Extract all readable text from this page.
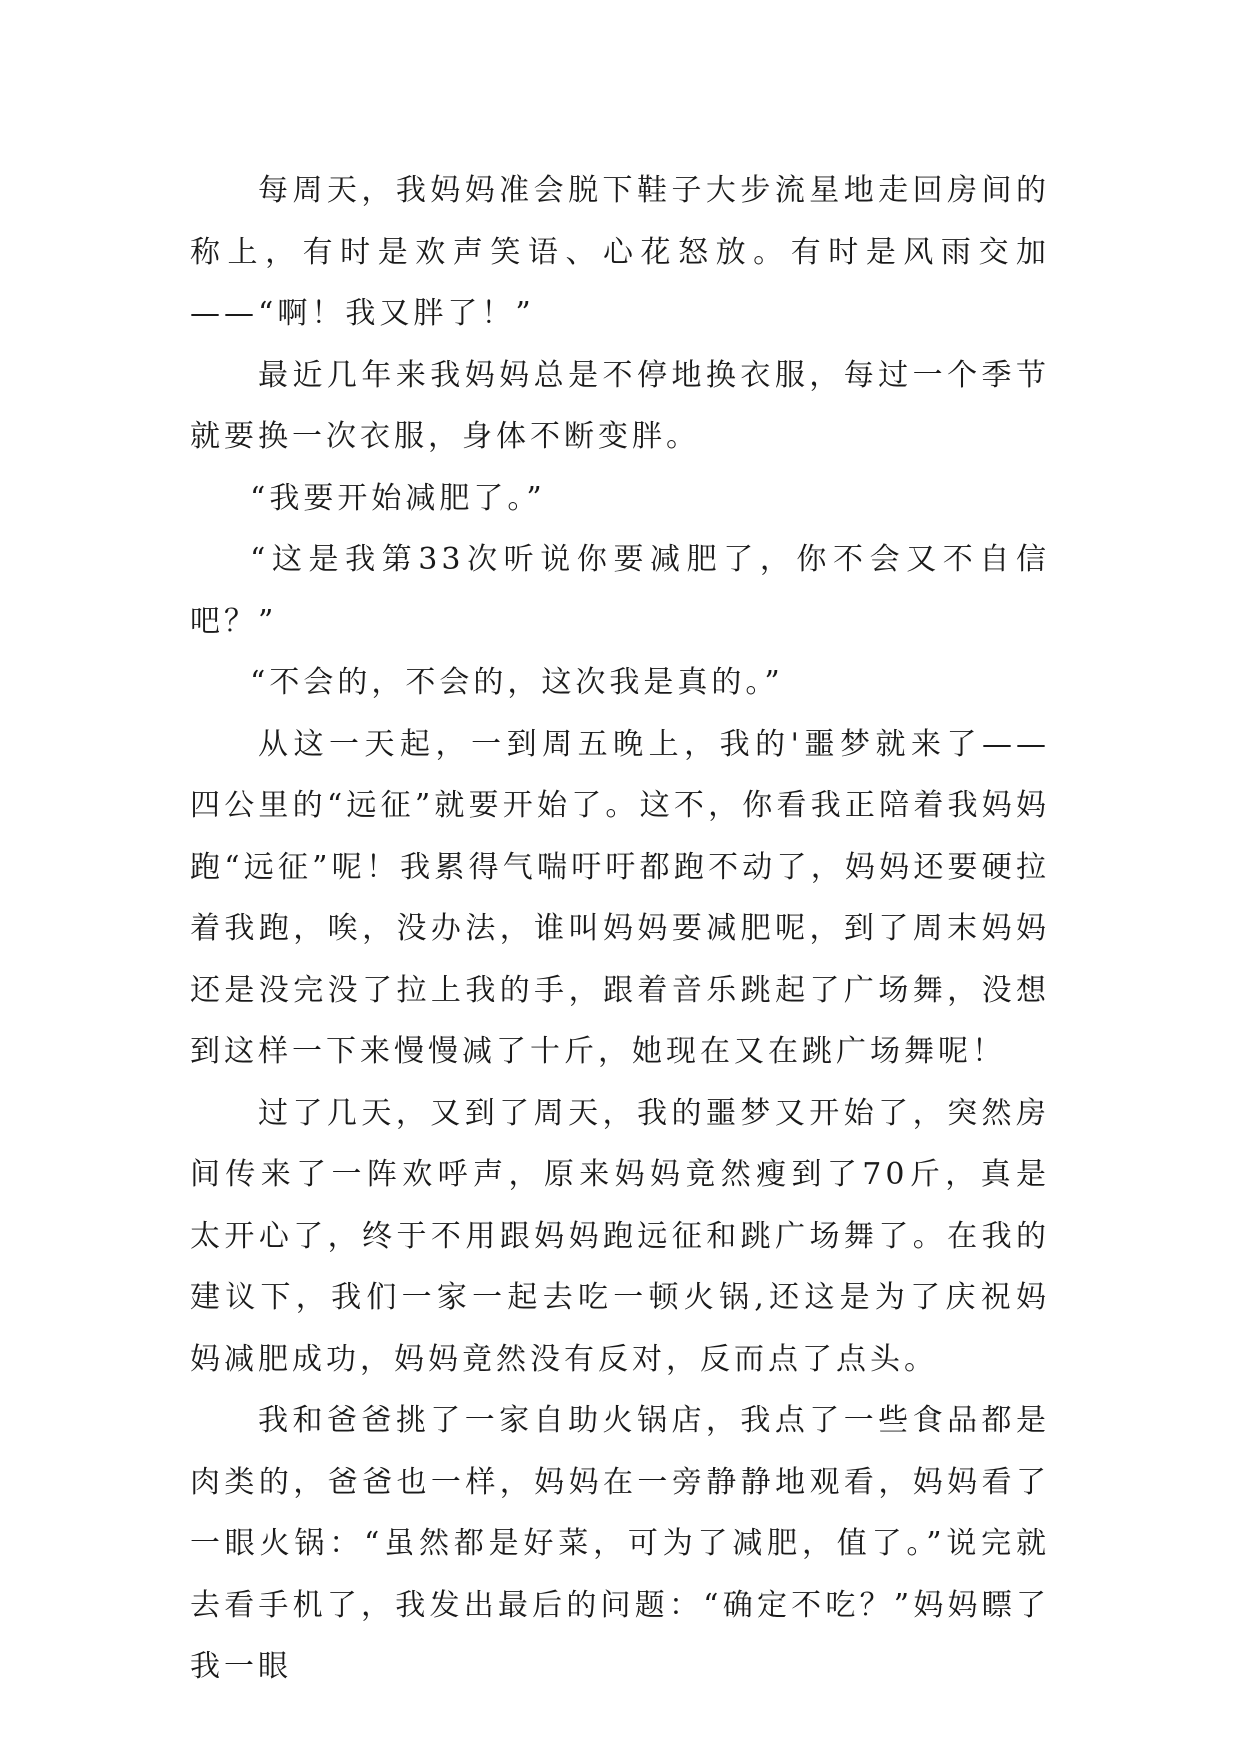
每周天，我妈妈准会脱下鞋子大步流星地走回房间的称上，有时是欢声笑语、心花怒放。有时是风雨交加——“啊！我又胖了！”

最近几年来我妈妈总是不停地换衣服，每过一个季节就要换一次衣服，身体不断变胖。

“我要开始减肥了。”

“这是我第33次听说你要减肥了，你不会又不自信吧？”

“不会的，不会的，这次我是真的。”

从这一天起，一到周五晚上，我的'噩梦就来了——四公里的“远征”就要开始了。这不，你看我正陪着我妈妈跑“远征”呢！我累得气喘吁吁都跑不动了，妈妈还要硬拉着我跑，唉，没办法，谁叫妈妈要减肥呢，到了周末妈妈还是没完没了拉上我的手，跟着音乐跳起了广场舞，没想到这样一下来慢慢减了十斤，她现在又在跳广场舞呢！

过了几天，又到了周天，我的噩梦又开始了，突然房间传来了一阵欢呼声，原来妈妈竟然瘦到了70斤，真是太开心了，终于不用跟妈妈跑远征和跳广场舞了。在我的建议下，我们一家一起去吃一顿火锅,还这是为了庆祝妈妈减肥成功，妈妈竟然没有反对，反而点了点头。

我和爸爸挑了一家自助火锅店，我点了一些食品都是肉类的，爸爸也一样，妈妈在一旁静静地观看，妈妈看了一眼火锅：“虽然都是好菜，可为了减肥，值了。”说完就去看手机了，我发出最后的问题：“确定不吃？”妈妈瞟了我一眼
